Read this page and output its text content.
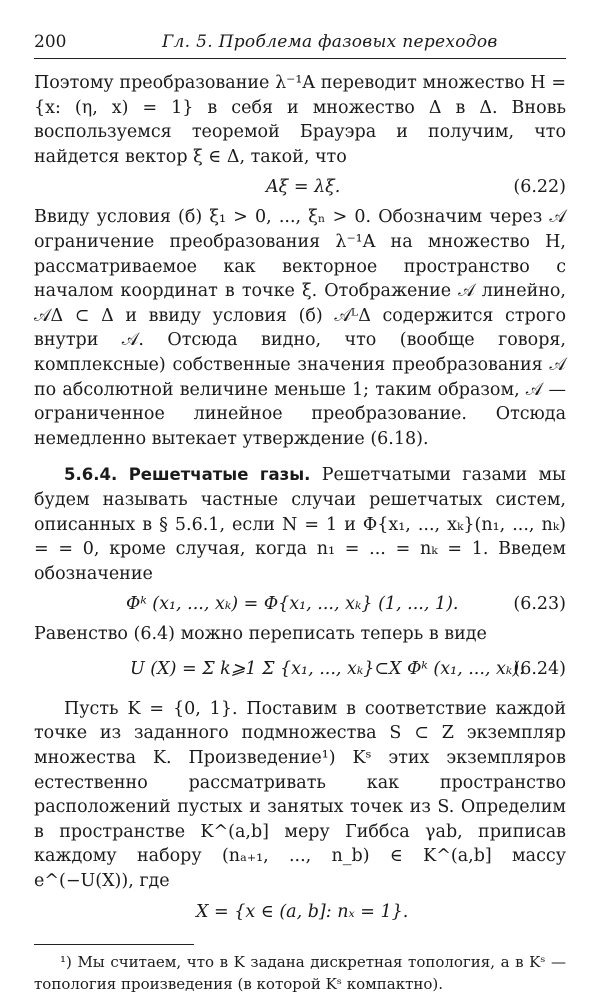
200	Гл. 5. Проблема фазовых переходов

Поэтому преобразование λ⁻¹A переводит множество H = {x: (η, x) = 1} в себя и множество Δ в Δ. Вновь воспользуемся теоремой Брауэра и получим, что найдется вектор ξ ∈ Δ, такой, что

Aξ = λξ.	(6.22)

Ввиду условия (б) ξ₁ > 0, ..., ξₙ > 0. Обозначим через 𝒜 ограничение преобразования λ⁻¹A на множество H, рассматриваемое как векторное пространство с началом координат в точке ξ. Отображение 𝒜 линейно, 𝒜Δ ⊂ Δ и ввиду условия (б) 𝒜ᴸΔ содержится строго внутри 𝒜. Отсюда видно, что (вообще говоря, комплексные) собственные значения преобразования 𝒜 по абсолютной величине меньше 1; таким образом, 𝒜 — ограниченное линейное преобразование. Отсюда немедленно вытекает утверждение (6.18).

5.6.4. Решетчатые газы. Решетчатыми газами мы будем называть частные случаи решетчатых систем, описанных в § 5.6.1, если N = 1 и Φ{x₁, ..., xₖ}(n₁, ..., nₖ) = = 0, кроме случая, когда n₁ = ... = nₖ = 1. Введем обозначение

Φᵏ (x₁, ..., xₖ) = Φ{x₁, ..., xₖ} (1, ..., 1).	(6.23)

Равенство (6.4) можно переписать теперь в виде

U (X) = Σ k⩾1 Σ {x₁, ..., xₖ}⊂X Φᵏ (x₁, ..., xₖ).
(6.24)

Пусть K = {0, 1}. Поставим в соответствие каждой точке из заданного подмножества S ⊂ Z экземпляр множества K. Произведение¹) Kˢ этих экземпляров естественно рассматривать как пространство расположений пустых и занятых точек из S. Определим в пространстве K^(a,b] меру Гиббса γab, приписав каждому набору (nₐ₊₁, ..., n_b) ∈ K^(a,b] массу e^(−U(X)), где

X = {x ∈ (a, b]: nₓ = 1}.

¹) Мы считаем, что в K задана дискретная топология, а в Kˢ — топология произведения (в которой Kˢ компактно).
